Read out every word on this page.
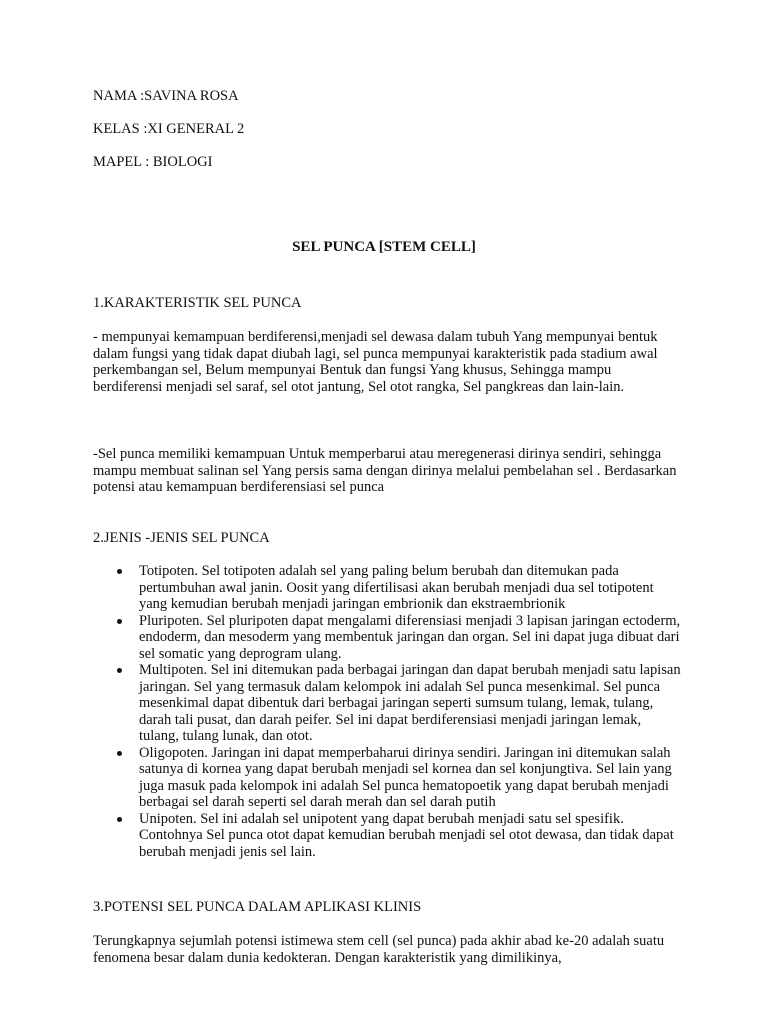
NAMA :SAVINA ROSA

KELAS :XI GENERAL 2

MAPEL : BIOLOGI

SEL PUNCA [STEM CELL]

1.KARAKTERISTIK SEL PUNCA

- mempunyai kemampuan berdiferensi,menjadi sel dewasa dalam tubuh Yang mempunyai bentuk dalam fungsi yang tidak dapat diubah lagi, sel punca mempunyai karakteristik pada stadium awal perkembangan sel, Belum mempunyai Bentuk dan fungsi Yang khusus, Sehingga mampu berdiferensi menjadi sel saraf, sel otot jantung, Sel otot rangka, Sel pangkreas dan lain-lain.

-Sel punca memiliki kemampuan Untuk memperbarui atau meregenerasi dirinya sendiri, sehingga mampu membuat salinan sel Yang persis sama dengan dirinya melalui pembelahan sel . Berdasarkan potensi atau kemampuan berdiferensiasi sel punca

2.JENIS -JENIS SEL PUNCA

Totipoten. Sel totipoten adalah sel yang paling belum berubah dan ditemukan pada pertumbuhan awal janin. Oosit yang difertilisasi akan berubah menjadi dua sel totipotent yang kemudian berubah menjadi jaringan embrionik dan ekstraembrionik
Pluripoten. Sel pluripoten dapat mengalami diferensiasi menjadi 3 lapisan jaringan ectoderm, endoderm, dan mesoderm yang membentuk jaringan dan organ. Sel ini dapat juga dibuat dari sel somatic yang deprogram ulang.
Multipoten. Sel ini ditemukan pada berbagai jaringan dan dapat berubah menjadi satu lapisan jaringan. Sel yang termasuk dalam kelompok ini adalah Sel punca mesenkimal. Sel punca mesenkimal dapat dibentuk dari berbagai jaringan seperti sumsum tulang, lemak, tulang, darah tali pusat, dan darah peifer. Sel ini dapat berdiferensiasi menjadi jaringan lemak, tulang, tulang lunak, dan otot.
Oligopoten. Jaringan ini dapat memperbaharui dirinya sendiri. Jaringan ini ditemukan salah satunya di kornea yang dapat berubah menjadi sel kornea dan sel konjungtiva. Sel lain yang juga masuk pada kelompok ini adalah Sel punca hematopoetik yang dapat berubah menjadi berbagai sel darah seperti sel darah merah dan sel darah putih
Unipoten. Sel ini adalah sel unipotent yang dapat berubah menjadi satu sel spesifik. Contohnya Sel punca otot dapat kemudian berubah menjadi sel otot dewasa, dan tidak dapat berubah menjadi jenis sel lain.

3.POTENSI SEL PUNCA DALAM APLIKASI KLINIS

Terungkapnya sejumlah potensi istimewa stem cell (sel punca) pada akhir abad ke-20 adalah suatu fenomena besar dalam dunia kedokteran. Dengan karakteristik yang dimilikinya,
